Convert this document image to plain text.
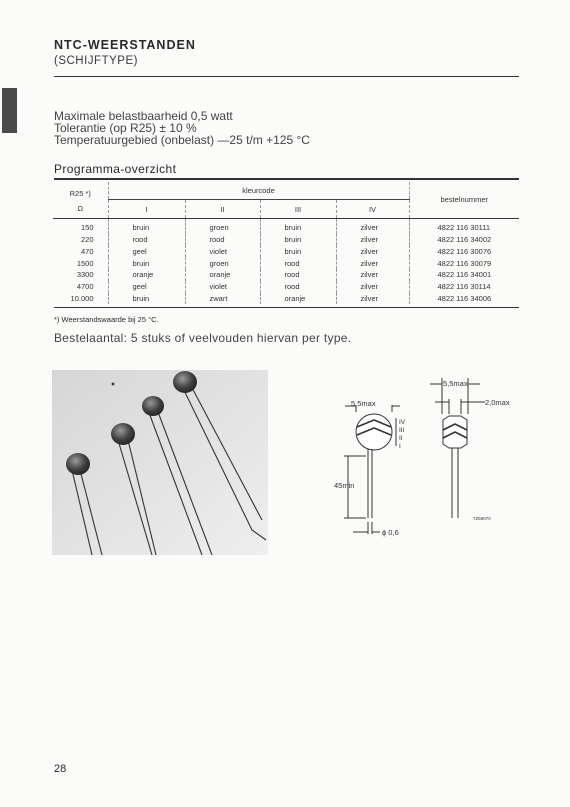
NTC-WEERSTANDEN
(SCHIJFTYPE)
Maximale belastbaarheid 0,5 watt
Tolerantie (op R25) ± 10 %
Temperatuurgebied (onbelast) —25 t/m +125 °C
Programma-overzicht
R25 *)	kleurcode				bestelnummer
Ω	I	II	III	IV	
150	bruin	groen	bruin	zilver	4822 116 30111
220	rood	rood	bruin	zilver	4822 116 34002
470	geel	violet	bruin	zilver	4822 116 30076
1500	bruin	groen	rood	zilver	4822 116 30079
3300	oranje	oranje	rood	zilver	4822 116 34001
4700	geel	violet	rood	zilver	4822 116 30114
10.000	bruin	zwart	oranje	zilver	4822 116 34006
*) Weerstandswaarde bij 25 °C.
Bestelaantal: 5 stuks of veelvouden hiervan per type.
5,5max
IV
III
II
I
45min
ϕ 0,6
5,5max
2,0max
7Z59070
28
